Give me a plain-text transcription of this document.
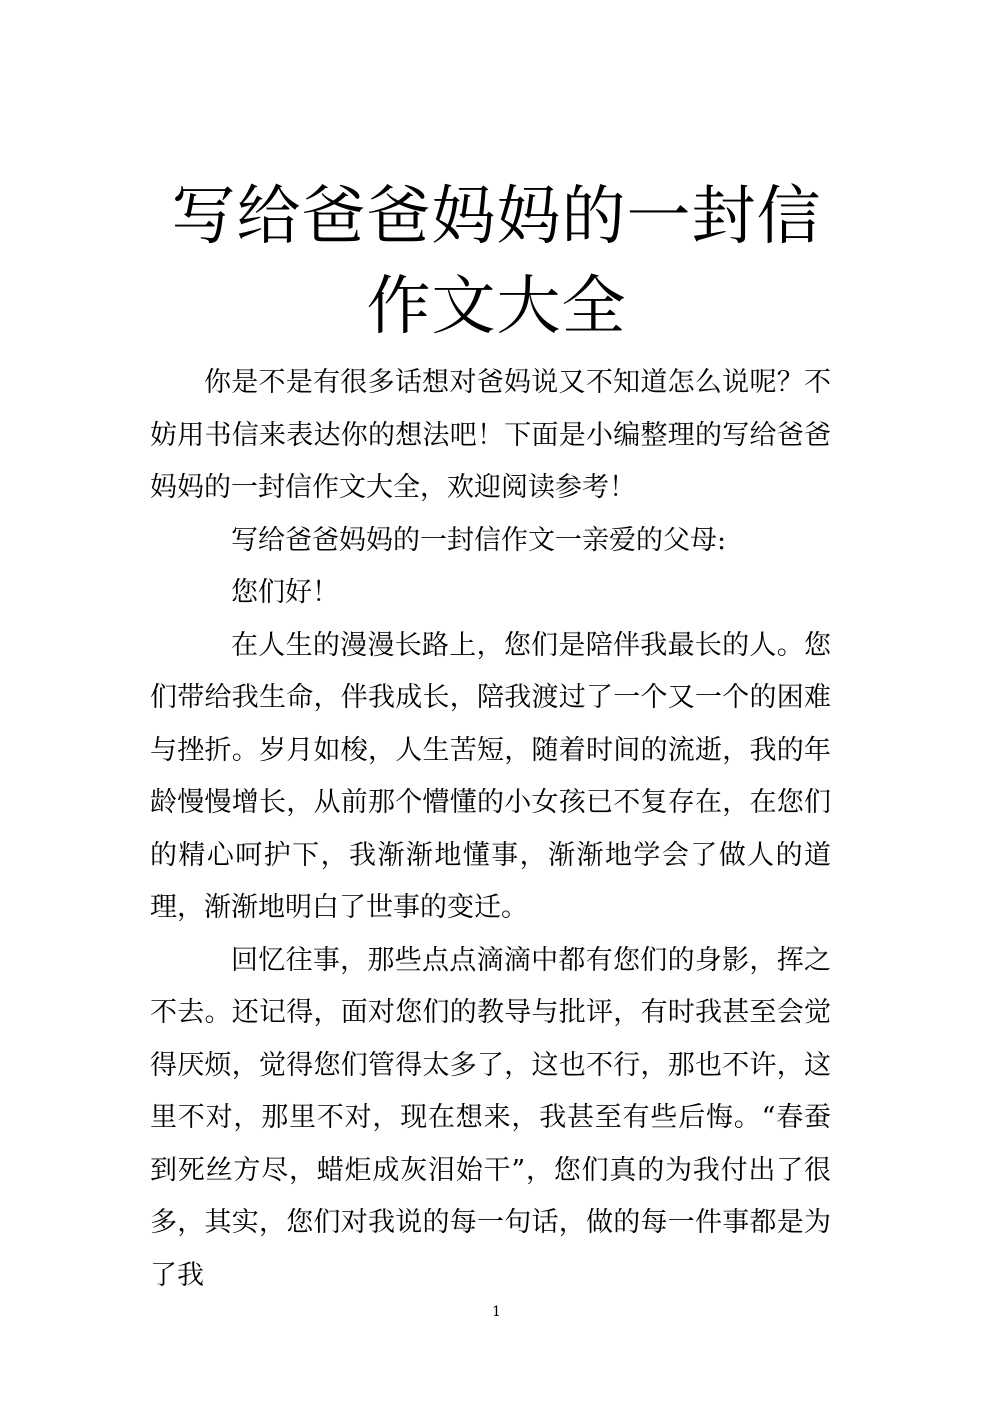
写给爸爸妈妈的一封信作文大全

你是不是有很多话想对爸妈说又不知道怎么说呢？不妨用书信来表达你的想法吧！下面是小编整理的写给爸爸妈妈的一封信作文大全，欢迎阅读参考！

写给爸爸妈妈的一封信作文一亲爱的父母:

您们好！

在人生的漫漫长路上，您们是陪伴我最长的人。您们带给我生命，伴我成长，陪我渡过了一个又一个的困难与挫折。岁月如梭，人生苦短，随着时间的流逝，我的年龄慢慢增长，从前那个懵懂的小女孩已不复存在，在您们的精心呵护下，我渐渐地懂事，渐渐地学会了做人的道理，渐渐地明白了世事的变迁。

回忆往事，那些点点滴滴中都有您们的身影，挥之不去。还记得，面对您们的教导与批评，有时我甚至会觉得厌烦，觉得您们管得太多了，这也不行，那也不许，这里不对，那里不对，现在想来，我甚至有些后悔。“春蚕到死丝方尽，蜡炬成灰泪始干”，您们真的为我付出了很多，其实，您们对我说的每一句话，做的每一件事都是为了我

1
